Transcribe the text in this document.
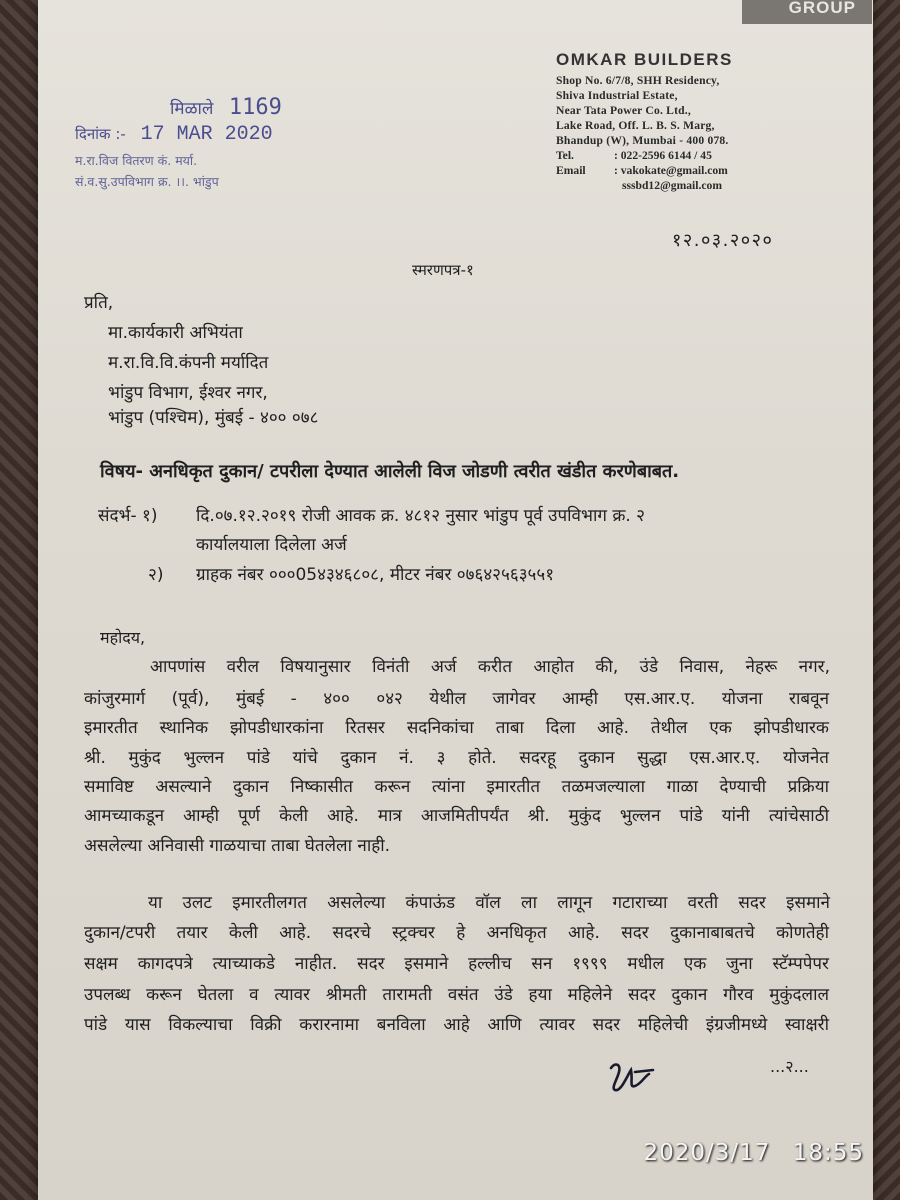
GROUP
OMKAR BUILDERS
Shop No. 6/7/8, SHH Residency,
Shiva Industrial Estate,
Near Tata Power Co. Ltd.,
Lake Road, Off. L. B. S. Marg,
Bhandup (W), Mumbai - 400 078.
Tel.	: 022-2596 6144 / 45
Email	: vakokate@gmail.com
sssbd12@gmail.com
मिळाले 1169
दिनांक :- 17 MAR 2020
म.रा.विज वितरण कं. मर्या.
सं.व.सु.उपविभाग क्र. ।।. भांडुप
१२.०३.२०२०
स्मरणपत्र-१
प्रति,
मा.कार्यकारी अभियंता
म.रा.वि.वि.कंपनी मर्यादित
भांडुप विभाग, ईश्वर नगर,
भांडुप (पश्चिम), मुंबई - ४०० ०७८
विषय- अनधिकृत दुकान/ टपरीला देण्यात आलेली विज जोडणी त्वरीत खंडीत करणेबाबत.
संदर्भ- १) दि.०७.१२.२०१९ रोजी आवक क्र. ४८१२ नुसार भांडुप पूर्व उपविभाग क्र. २
कार्यालयाला दिलेला अर्ज
२) ग्राहक नंबर ०००05४३४६८०८, मीटर नंबर ०७६४२५६३५५१
महोदय,
आपणांस वरील विषयानुसार विनंती अर्ज करीत आहोत की, उंडे निवास, नेहरू नगर,
कांजुरमार्ग (पूर्व), मुंबई - ४०० ०४२ येथील जागेवर आम्ही एस.आर.ए. योजना राबवून
इमारतीत स्थानिक झोपडीधारकांना रितसर सदनिकांचा ताबा दिला आहे. तेथील एक झोपडीधारक
श्री. मुकुंद भुल्लन पांडे यांचे दुकान नं. ३ होते. सदरहू दुकान सुद्धा एस.आर.ए. योजनेत
समाविष्ट असल्याने दुकान निष्कासीत करून त्यांना इमारतीत तळमजल्याला गाळा देण्याची प्रक्रिया
आमच्याकडून आम्ही पूर्ण केली आहे. मात्र आजमितीपर्यंत श्री. मुकुंद भुल्लन पांडे यांनी त्यांचेसाठी
असलेल्या अनिवासी गाळयाचा ताबा घेतलेला नाही.
या उलट इमारतीलगत असलेल्या कंपाऊंड वॉल ला लागून गटाराच्या वरती सदर इसमाने
दुकान/टपरी तयार केली आहे. सदरचे स्ट्रक्चर हे अनधिकृत आहे. सदर दुकानाबाबतचे कोणतेही
सक्षम कागदपत्रे त्याच्याकडे नाहीत. सदर इसमाने हल्लीच सन १९९९ मधील एक जुना स्टॅम्पपेपर
उपलब्ध करून घेतला व त्यावर श्रीमती तारामती वसंत उंडे हया महिलेने सदर दुकान गौरव मुकुंदलाल
पांडे यास विकल्याचा विक्री करारनामा बनविला आहे आणि त्यावर सदर महिलेची इंग्रजीमध्ये स्वाक्षरी
...२...
2020/3/17 18:55
